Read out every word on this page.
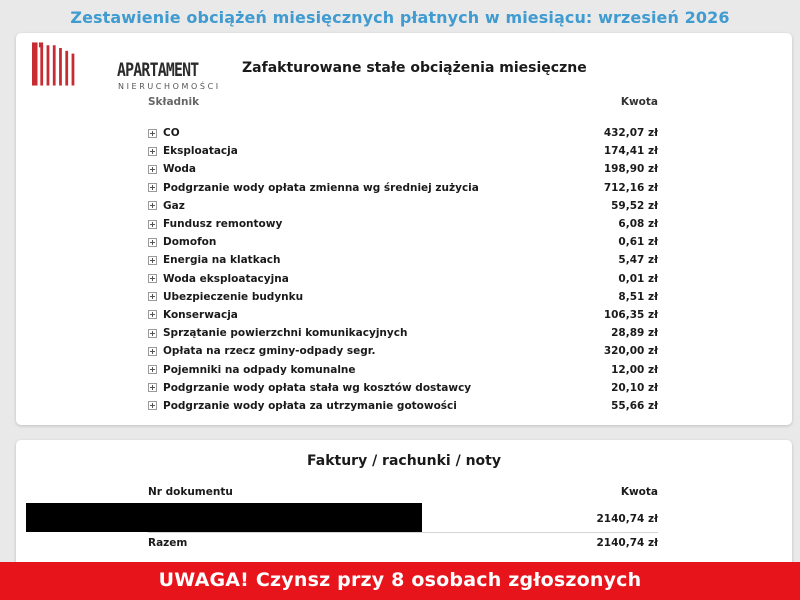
Zestawienie obciążeń miesięcznych płatnych w miesiącu: wrzesień 2026
APARTAMENT
NIERUCHOMOŚCI
Zafakturowane stałe obciążenia miesięczne
Składnik	Kwota
CO	432,07 zł
Eksploatacja	174,41 zł
Woda	198,90 zł
Podgrzanie wody opłata zmienna wg średniej zużycia	712,16 zł
Gaz	59,52 zł
Fundusz remontowy	6,08 zł
Domofon	0,61 zł
Energia na klatkach	5,47 zł
Woda eksploatacyjna	0,01 zł
Ubezpieczenie budynku	8,51 zł
Konserwacja	106,35 zł
Sprzątanie powierzchni komunikacyjnych	28,89 zł
Opłata na rzecz gminy-odpady segr.	320,00 zł
Pojemniki na odpady komunalne	12,00 zł
Podgrzanie wody opłata stała wg kosztów dostawcy	20,10 zł
Podgrzanie wody opłata za utrzymanie gotowości	55,66 zł
Faktury / rachunki / noty
Nr dokumentu	Kwota
2140,74 zł
Razem	2140,74 zł
UWAGA! Czynsz przy 8 osobach zgłoszonych
